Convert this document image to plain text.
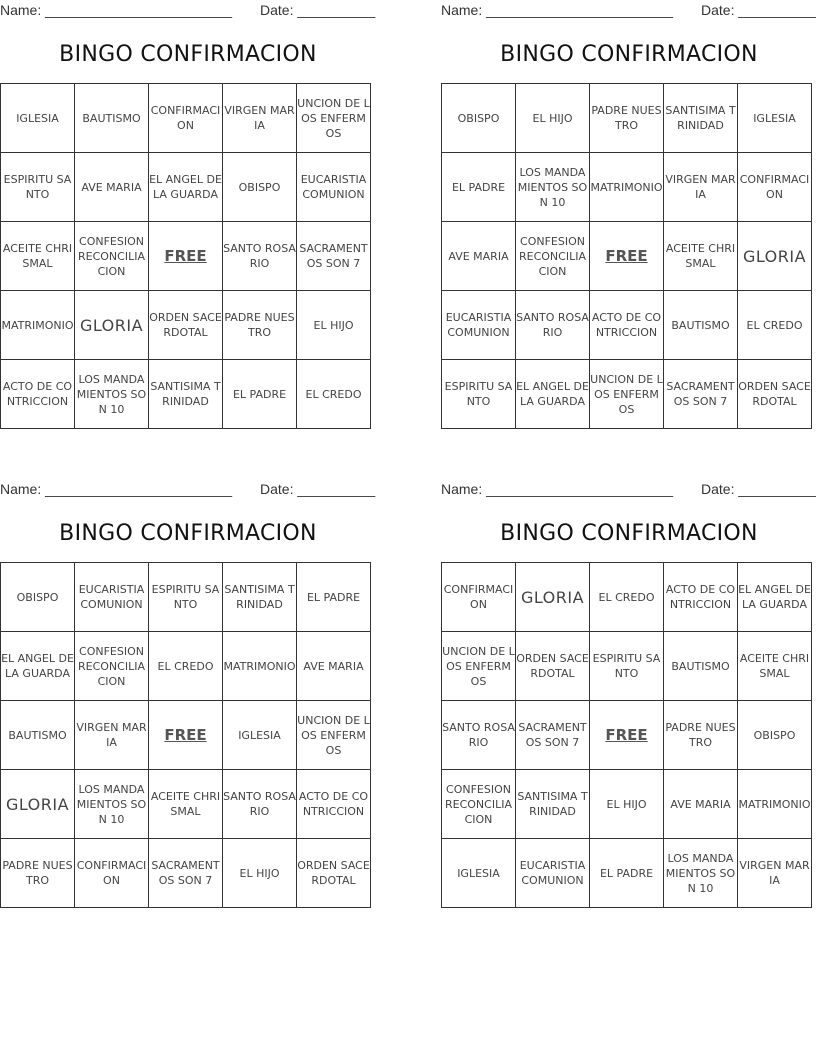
Name: ________________________ Date: __________
BINGO CONFIRMACION
IGLESIA	BAUTISMO	CONFIRMACION	VIRGEN MARIA	UNCION DE LOS ENFERMOS
ESPIRITU SANTO	AVE MARIA	EL ANGEL DE LA GUARDA	OBISPO	EUCARISTIA COMUNION
ACEITE CHRISMAL	CONFESION RECONCILIACION	FREE	SANTO ROSARIO	SACRAMENTOS SON 7
MATRIMONIO	GLORIA	ORDEN SACERDOTAL	PADRE NUESTRO	EL HIJO
ACTO DE CONTRICCION	LOS MANDAMIENTOS SON 10	SANTISIMA TRINIDAD	EL PADRE	EL CREDO
Name: ________________________ Date: __________
BINGO CONFIRMACION
OBISPO	EL HIJO	PADRE NUESTRO	SANTISIMA TRINIDAD	IGLESIA
EL PADRE	LOS MANDAMIENTOS SON 10	MATRIMONIO	VIRGEN MARIA	CONFIRMACION
AVE MARIA	CONFESION RECONCILIACION	FREE	ACEITE CHRISMAL	GLORIA
EUCARISTIA COMUNION	SANTO ROSARIO	ACTO DE CONTRICCION	BAUTISMO	EL CREDO
ESPIRITU SANTO	EL ANGEL DE LA GUARDA	UNCION DE LOS ENFERMOS	SACRAMENTOS SON 7	ORDEN SACERDOTAL
Name: ________________________ Date: __________
BINGO CONFIRMACION
OBISPO	EUCARISTIA COMUNION	ESPIRITU SANTO	SANTISIMA TRINIDAD	EL PADRE
EL ANGEL DE LA GUARDA	CONFESION RECONCILIACION	EL CREDO	MATRIMONIO	AVE MARIA
BAUTISMO	VIRGEN MARIA	FREE	IGLESIA	UNCION DE LOS ENFERMOS
GLORIA	LOS MANDAMIENTOS SON 10	ACEITE CHRISMAL	SANTO ROSARIO	ACTO DE CONTRICCION
PADRE NUESTRO	CONFIRMACION	SACRAMENTOS SON 7	EL HIJO	ORDEN SACERDOTAL
Name: ________________________ Date: __________
BINGO CONFIRMACION
CONFIRMACION	GLORIA	EL CREDO	ACTO DE CONTRICCION	EL ANGEL DE LA GUARDA
UNCION DE LOS ENFERMOS	ORDEN SACERDOTAL	ESPIRITU SANTO	BAUTISMO	ACEITE CHRISMAL
SANTO ROSARIO	SACRAMENTOS SON 7	FREE	PADRE NUESTRO	OBISPO
CONFESION RECONCILIACION	SANTISIMA TRINIDAD	EL HIJO	AVE MARIA	MATRIMONIO
IGLESIA	EUCARISTIA COMUNION	EL PADRE	LOS MANDAMIENTOS SON 10	VIRGEN MARIA
